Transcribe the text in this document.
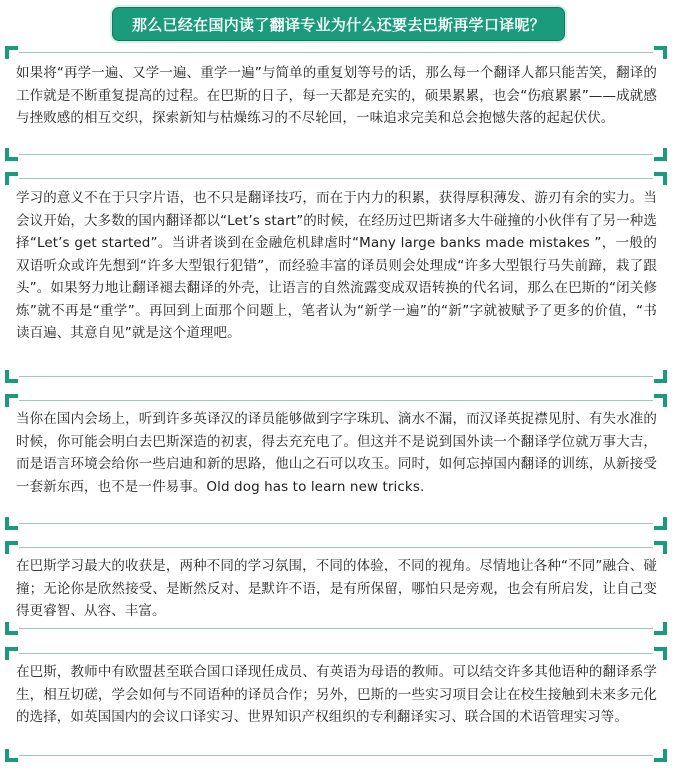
那么已经在国内读了翻译专业为什么还要去巴斯再学口译呢？
如果将“再学一遍、又学一遍、重学一遍”与简单的重复划等号的话，那么每一个翻译人都只能苦笑，翻译的工作就是不断重复提高的过程。在巴斯的日子，每一天都是充实的，硕果累累，也会“伤痕累累”——成就感与挫败感的相互交织，探索新知与枯燥练习的不尽轮回，一味追求完美和总会抱憾失落的起起伏伏。
学习的意义不在于只字片语，也不只是翻译技巧，而在于内力的积累，获得厚积薄发、游刃有余的实力。当会议开始，大多数的国内翻译都以“Let’s start”的时候，在经历过巴斯诸多大牛碰撞的小伙伴有了另一种选择“Let’s get started”。当讲者谈到在金融危机肆虐时“Many large banks made mistakes ”，一般的双语听众或许先想到“许多大型银行犯错”，而经验丰富的译员则会处理成“许多大型银行马失前蹄，栽了跟头”。如果努力地让翻译褪去翻译的外壳，让语言的自然流露变成双语转换的代名词，那么在巴斯的“闭关修炼”就不再是“重学”。再回到上面那个问题上，笔者认为“新学一遍”的“新”字就被赋予了更多的价值，“书读百遍、其意自见”就是这个道理吧。
当你在国内会场上，听到许多英译汉的译员能够做到字字珠玑、滴水不漏，而汉译英捉襟见肘、有失水准的时候，你可能会明白去巴斯深造的初衷，得去充充电了。但这并不是说到国外读一个翻译学位就万事大吉，而是语言环境会给你一些启迪和新的思路，他山之石可以攻玉。同时，如何忘掉国内翻译的训练，从新接受一套新东西，也不是一件易事。Old dog has to learn new tricks.
在巴斯学习最大的收获是，两种不同的学习氛围，不同的体验，不同的视角。尽情地让各种“不同”融合、碰撞；无论你是欣然接受、是断然反对、是默许不语，是有所保留，哪怕只是旁观，也会有所启发，让自己变得更睿智、从容、丰富。
在巴斯，教师中有欧盟甚至联合国口译现任成员、有英语为母语的教师。可以结交许多其他语种的翻译系学生，相互切磋，学会如何与不同语种的译员合作；另外，巴斯的一些实习项目会让在校生接触到未来多元化的选择，如英国国内的会议口译实习、世界知识产权组织的专利翻译实习、联合国的术语管理实习等。
